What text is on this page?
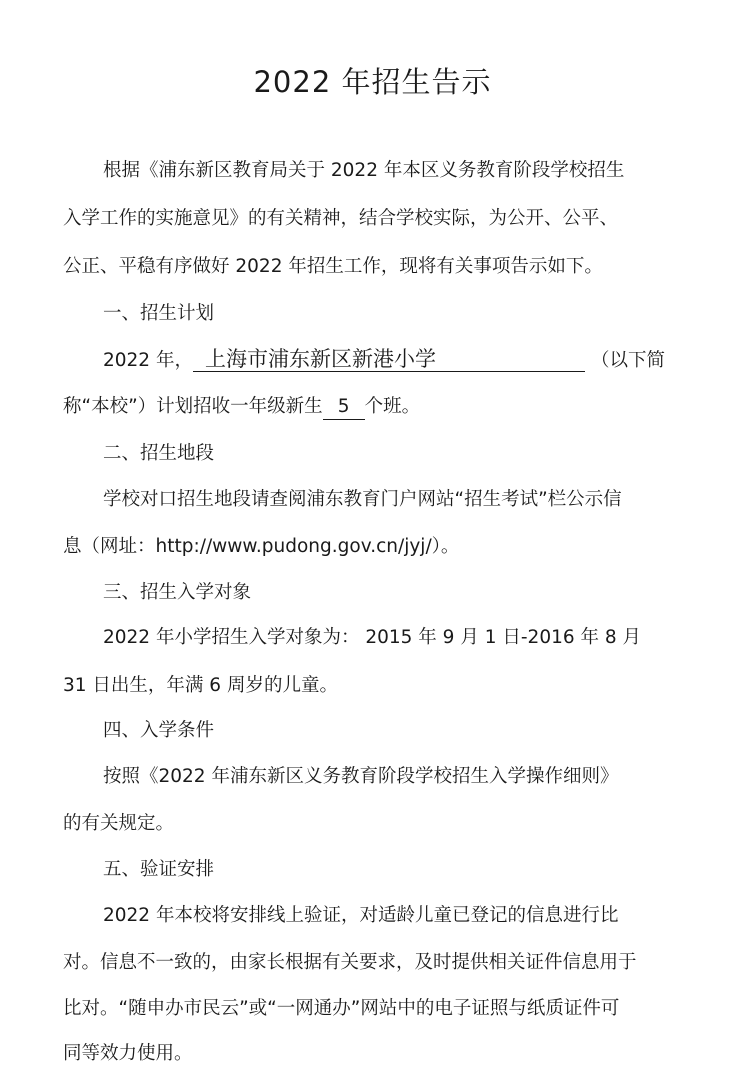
2022 年招生告示
根据《浦东新区教育局关于 2022 年本区义务教育阶段学校招生
入学工作的实施意见》的有关精神，结合学校实际，为公开、公平、
公正、平稳有序做好 2022 年招生工作，现将有关事项告示如下。
一、招生计划
2022 年， 上海市浦东新区新港小学	（以下简
称“本校”）计划招收一年级新生 5 个班。
二、招生地段
学校对口招生地段请查阅浦东教育门户网站“招生考试”栏公示信
息（网址：http://www.pudong.gov.cn/jyj/）。
三、招生入学对象
2022 年小学招生入学对象为： 2015 年 9 月 1 日-2016 年 8 月
31 日出生，年满 6 周岁的儿童。
四、入学条件
按照《2022 年浦东新区义务教育阶段学校招生入学操作细则》
的有关规定。
五、验证安排
2022 年本校将安排线上验证，对适龄儿童已登记的信息进行比
对。信息不一致的，由家长根据有关要求，及时提供相关证件信息用于
比对。“随申办市民云”或“一网通办”网站中的电子证照与纸质证件可
同等效力使用。
